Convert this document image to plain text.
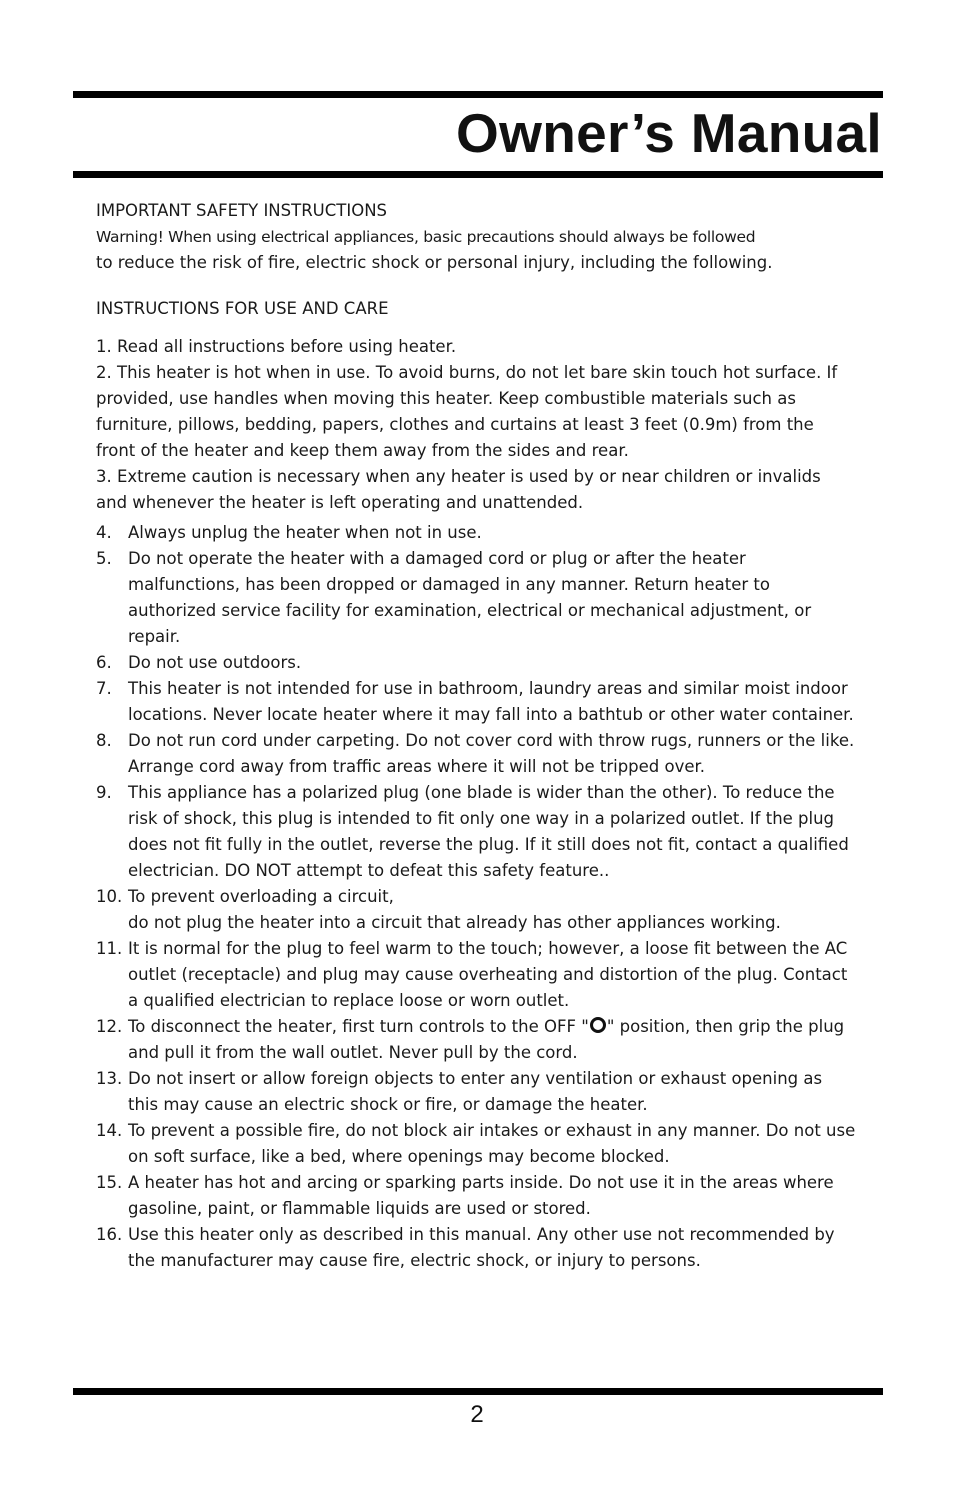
Owner’s Manual

IMPORTANT SAFETY INSTRUCTIONS

Warning! When using electrical appliances, basic precautions should always be followed

to reduce the risk of fire, electric shock or personal injury, including the following.

INSTRUCTIONS FOR USE AND CARE

1. Read all instructions before using heater.

2. This heater is hot when in use. To avoid burns, do not let bare skin touch hot surface. If provided, use handles when moving this heater. Keep combustible materials such as furniture, pillows, bedding, papers, clothes and curtains at least 3 feet (0.9m) from the front of the heater and keep them away from the sides and rear.

3. Extreme caution is necessary when any heater is used by or near children or invalids and whenever the heater is left operating and unattended.

4. Always unplug the heater when not in use.
5. Do not operate the heater with a damaged cord or plug or after the heater malfunctions, has been dropped or damaged in any manner. Return heater to authorized service facility for examination, electrical or mechanical adjustment, or repair.
6. Do not use outdoors.
7. This heater is not intended for use in bathroom, laundry areas and similar moist indoor locations. Never locate heater where it may fall into a bathtub or other water container.
8. Do not run cord under carpeting. Do not cover cord with throw rugs, runners or the like. Arrange cord away from traffic areas where it will not be tripped over.
9. This appliance has a polarized plug (one blade is wider than the other). To reduce the risk of shock, this plug is intended to fit only one way in a polarized outlet. If the plug does not fit fully in the outlet, reverse the plug. If it still does not fit, contact a qualified electrician. DO NOT attempt to defeat this safety feature..
10. To prevent overloading a circuit,
do not plug the heater into a circuit that already has other appliances working.
11. It is normal for the plug to feel warm to the touch; however, a loose fit between the AC outlet (receptacle) and plug may cause overheating and distortion of the plug. Contact a qualified electrician to replace loose or worn outlet.
12. To disconnect the heater, first turn controls to the OFF " " position, then grip the plug and pull it from the wall outlet. Never pull by the cord.
13. Do not insert or allow foreign objects to enter any ventilation or exhaust opening as this may cause an electric shock or fire, or damage the heater.
14. To prevent a possible fire, do not block air intakes or exhaust in any manner. Do not use on soft surface, like a bed, where openings may become blocked.
15. A heater has hot and arcing or sparking parts inside. Do not use it in the areas where gasoline, paint, or flammable liquids are used or stored.
16. Use this heater only as described in this manual. Any other use not recommended by the manufacturer may cause fire, electric shock, or injury to persons.
2
